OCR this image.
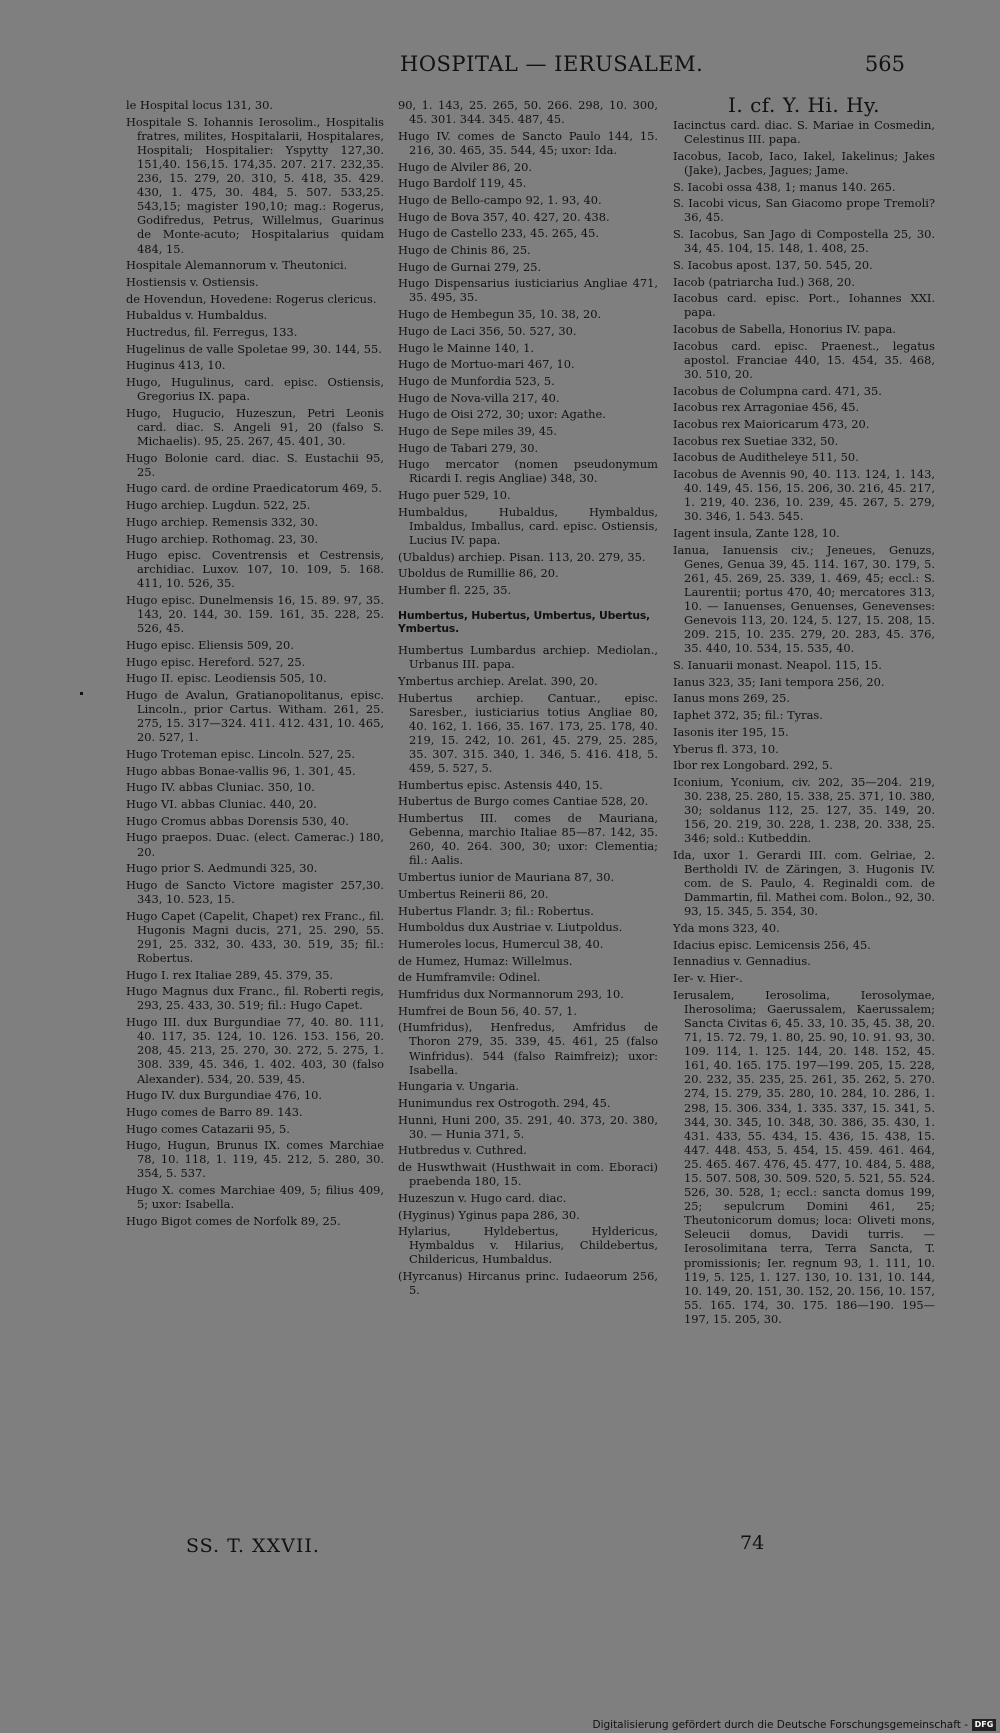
HOSPITAL — IERUSALEM.	565
le Hospital locus 131, 30.
Hospitale S. Iohannis Ierosolim., Hospitalis fratres, milites, Hospitalarii, Hospitalares, Hospitali; Hospitalier: Yspytty 127,30. 151,40. 156,15. 174,35. 207. 217. 232,35. 236, 15. 279, 20. 310, 5. 418, 35. 429. 430, 1. 475, 30. 484, 5. 507. 533,25. 543,15; magister 190,10; mag.: Rogerus, Godifredus, Petrus, Willelmus, Guarinus de Monte-acuto; Hospitalarius quidam 484, 15.
Hospitale Alemannorum v. Theutonici.
Hostiensis v. Ostiensis.
de Hovendun, Hovedene: Rogerus clericus.
Hubaldus v. Humbaldus.
Huctredus, fil. Ferregus, 133.
Hugelinus de valle Spoletae 99, 30. 144, 55.
Huginus 413, 10.
Hugo, Hugulinus, card. episc. Ostiensis, Gregorius IX. papa.
Hugo, Hugucio, Huzeszun, Petri Leonis card. diac. S. Angeli 91, 20 (falso S. Michaelis). 95, 25. 267, 45. 401, 30.
Hugo Bolonie card. diac. S. Eustachii 95, 25.
Hugo card. de ordine Praedicatorum 469, 5.
Hugo archiep. Lugdun. 522, 25.
Hugo archiep. Remensis 332, 30.
Hugo archiep. Rothomag. 23, 30.
Hugo episc. Coventrensis et Cestrensis, archidiac. Luxov. 107, 10. 109, 5. 168. 411, 10. 526, 35.
Hugo episc. Dunelmensis 16, 15. 89. 97, 35. 143, 20. 144, 30. 159. 161, 35. 228, 25. 526, 45.
Hugo episc. Eliensis 509, 20.
Hugo episc. Hereford. 527, 25.
Hugo II. episc. Leodiensis 505, 10.
Hugo de Avalun, Gratianopolitanus, episc. Lincoln., prior Cartus. Witham. 261, 25. 275, 15. 317—324. 411. 412. 431, 10. 465, 20. 527, 1.
Hugo Troteman episc. Lincoln. 527, 25.
Hugo abbas Bonae-vallis 96, 1. 301, 45.
Hugo IV. abbas Cluniac. 350, 10.
Hugo VI. abbas Cluniac. 440, 20.
Hugo Cromus abbas Dorensis 530, 40.
Hugo praepos. Duac. (elect. Camerac.) 180, 20.
Hugo prior S. Aedmundi 325, 30.
Hugo de Sancto Victore magister 257,30. 343, 10. 523, 15.
Hugo Capet (Capelit, Chapet) rex Franc., fil. Hugonis Magni ducis, 271, 25. 290, 55. 291, 25. 332, 30. 433, 30. 519, 35; fil.: Robertus.
Hugo I. rex Italiae 289, 45. 379, 35.
Hugo Magnus dux Franc., fil. Roberti regis, 293, 25. 433, 30. 519; fil.: Hugo Capet.
Hugo III. dux Burgundiae 77, 40. 80. 111, 40. 117, 35. 124, 10. 126. 153. 156, 20. 208, 45. 213, 25. 270, 30. 272, 5. 275, 1. 308. 339, 45. 346, 1. 402. 403, 30 (falso Alexander). 534, 20. 539, 45.
Hugo IV. dux Burgundiae 476, 10.
Hugo comes de Barro 89. 143.
Hugo comes Catazarii 95, 5.
Hugo, Hugun, Brunus IX. comes Marchiae 78, 10. 118, 1. 119, 45. 212, 5. 280, 30. 354, 5. 537.
Hugo X. comes Marchiae 409, 5; filius 409, 5; uxor: Isabella.
Hugo Bigot comes de Norfolk 89, 25.
90, 1. 143, 25. 265, 50. 266. 298, 10. 300, 45. 301. 344. 345. 487, 45.
Hugo IV. comes de Sancto Paulo 144, 15. 216, 30. 465, 35. 544, 45; uxor: Ida.
Hugo de Alviler 86, 20.
Hugo Bardolf 119, 45.
Hugo de Bello-campo 92, 1. 93, 40.
Hugo de Bova 357, 40. 427, 20. 438.
Hugo de Castello 233, 45. 265, 45.
Hugo de Chinis 86, 25.
Hugo de Gurnai 279, 25.
Hugo Dispensarius iusticiarius Angliae 471, 35. 495, 35.
Hugo de Hembegun 35, 10. 38, 20.
Hugo de Laci 356, 50. 527, 30.
Hugo le Mainne 140, 1.
Hugo de Mortuo-mari 467, 10.
Hugo de Munfordia 523, 5.
Hugo de Nova-villa 217, 40.
Hugo de Oisi 272, 30; uxor: Agathe.
Hugo de Sepe miles 39, 45.
Hugo de Tabari 279, 30.
Hugo mercator (nomen pseudonymum Ricardi I. regis Angliae) 348, 30.
Hugo puer 529, 10.
Humbaldus, Hubaldus, Hymbaldus, Imbaldus, Imballus, card. episc. Ostiensis, Lucius IV. papa.
(Ubaldus) archiep. Pisan. 113, 20. 279, 35.
Uboldus de Rumillie 86, 20.
Humber fl. 225, 35.
Humbertus, Hubertus, Umbertus, Ubertus, Ymbertus.
Humbertus Lumbardus archiep. Mediolan., Urbanus III. papa.
Ymbertus archiep. Arelat. 390, 20.
Hubertus archiep. Cantuar., episc. Saresber., iusticiarius totius Angliae 80, 40. 162, 1. 166, 35. 167. 173, 25. 178, 40. 219, 15. 242, 10. 261, 45. 279, 25. 285, 35. 307. 315. 340, 1. 346, 5. 416. 418, 5. 459, 5. 527, 5.
Humbertus episc. Astensis 440, 15.
Hubertus de Burgo comes Cantiae 528, 20.
Humbertus III. comes de Mauriana, Gebenna, marchio Italiae 85—87. 142, 35. 260, 40. 264. 300, 30; uxor: Clementia; fil.: Aalis.
Umbertus iunior de Mauriana 87, 30.
Umbertus Reinerii 86, 20.
Hubertus Flandr. 3; fil.: Robertus.
Humboldus dux Austriae v. Liutpoldus.
Humeroles locus, Humercul 38, 40.
de Humez, Humaz: Willelmus.
de Humframvile: Odinel.
Humfridus dux Normannorum 293, 10.
Humfrei de Boun 56, 40. 57, 1.
(Humfridus), Henfredus, Amfridus de Thoron 279, 35. 339, 45. 461, 25 (falso Winfridus). 544 (falso Raimfreiz); uxor: Isabella.
Hungaria v. Ungaria.
Hunimundus rex Ostrogoth. 294, 45.
Hunni, Huni 200, 35. 291, 40. 373, 20. 380, 30. — Hunia 371, 5.
Hutbredus v. Cuthred.
de Huswthwait (Husthwait in com. Eboraci) praebenda 180, 15.
Huzeszun v. Hugo card. diac.
(Hyginus) Yginus papa 286, 30.
Hylarius, Hyldebertus, Hyldericus, Hymbaldus v. Hilarius, Childebertus, Childericus, Humbaldus.
(Hyrcanus) Hircanus princ. Iudaeorum 256, 5.
I. cf. Y. Hi. Hy.
Iacinctus card. diac. S. Mariae in Cosmedin, Celestinus III. papa.
Iacobus, Iacob, Iaco, Iakel, Iakelinus; Jakes (Jake), Jacbes, Jagues; Jame.
S. Iacobi ossa 438, 1; manus 140. 265.
S. Iacobi vicus, San Giacomo prope Tremoli? 36, 45.
S. Iacobus, San Jago di Compostella 25, 30. 34, 45. 104, 15. 148, 1. 408, 25.
S. Iacobus apost. 137, 50. 545, 20.
Iacob (patriarcha Iud.) 368, 20.
Iacobus card. episc. Port., Iohannes XXI. papa.
Iacobus de Sabella, Honorius IV. papa.
Iacobus card. episc. Praenest., legatus apostol. Franciae 440, 15. 454, 35. 468, 30. 510, 20.
Iacobus de Columpna card. 471, 35.
Iacobus rex Arragoniae 456, 45.
Iacobus rex Maioricarum 473, 20.
Iacobus rex Suetiae 332, 50.
Iacobus de Auditheleye 511, 50.
Iacobus de Avennis 90, 40. 113. 124, 1. 143, 40. 149, 45. 156, 15. 206, 30. 216, 45. 217, 1. 219, 40. 236, 10. 239, 45. 267, 5. 279, 30. 346, 1. 543. 545.
Iagent insula, Zante 128, 10.
Ianua, Ianuensis civ.; Jeneues, Genuzs, Genes, Genua 39, 45. 114. 167, 30. 179, 5. 261, 45. 269, 25. 339, 1. 469, 45; eccl.: S. Laurentii; portus 470, 40; mercatores 313, 10. — Ianuenses, Genuenses, Genevenses: Genevois 113, 20. 124, 5. 127, 15. 208, 15. 209. 215, 10. 235. 279, 20. 283, 45. 376, 35. 440, 10. 534, 15. 535, 40.
S. Ianuarii monast. Neapol. 115, 15.
Ianus 323, 35; Iani tempora 256, 20.
Ianus mons 269, 25.
Iaphet 372, 35; fil.: Tyras.
Iasonis iter 195, 15.
Yberus fl. 373, 10.
Ibor rex Longobard. 292, 5.
Iconium, Yconium, civ. 202, 35—204. 219, 30. 238, 25. 280, 15. 338, 25. 371, 10. 380, 30; soldanus 112, 25. 127, 35. 149, 20. 156, 20. 219, 30. 228, 1. 238, 20. 338, 25. 346; sold.: Kutbeddin.
Ida, uxor 1. Gerardi III. com. Gelriae, 2. Bertholdi IV. de Zäringen, 3. Hugonis IV. com. de S. Paulo, 4. Reginaldi com. de Dammartin, fil. Mathei com. Bolon., 92, 30. 93, 15. 345, 5. 354, 30.
Yda mons 323, 40.
Idacius episc. Lemicensis 256, 45.
Iennadius v. Gennadius.
Ier- v. Hier-.
Ierusalem, Ierosolima, Ierosolymae, Iherosolima; Gaerussalem, Kaerussalem; Sancta Civitas 6, 45. 33, 10. 35, 45. 38, 20. 71, 15. 72. 79, 1. 80, 25. 90, 10. 91. 93, 30. 109. 114, 1. 125. 144, 20. 148. 152, 45. 161, 40. 165. 175. 197—199. 205, 15. 228, 20. 232, 35. 235, 25. 261, 35. 262, 5. 270. 274, 15. 279, 35. 280, 10. 284, 10. 286, 1. 298, 15. 306. 334, 1. 335. 337, 15. 341, 5. 344, 30. 345, 10. 348, 30. 386, 35. 430, 1. 431. 433, 55. 434, 15. 436, 15. 438, 15. 447. 448. 453, 5. 454, 15. 459. 461. 464, 25. 465. 467. 476, 45. 477, 10. 484, 5. 488, 15. 507. 508, 30. 509. 520, 5. 521, 55. 524. 526, 30. 528, 1; eccl.: sancta domus 199, 25; sepulcrum Domini 461, 25; Theutonicorum domus; loca: Oliveti mons, Seleucii domus, Davidi turris. — Ierosolimitana terra, Terra Sancta, T. promissionis; Ier. regnum 93, 1. 111, 10. 119, 5. 125, 1. 127. 130, 10. 131, 10. 144, 10. 149, 20. 151, 30. 152, 20. 156, 10. 157, 55. 165. 174, 30. 175. 186—190. 195—197, 15. 205, 30.
SS. T. XXVII.	74
Digitalisierung gefördert durch die Deutsche Forschungsgemeinschaft - DFG
